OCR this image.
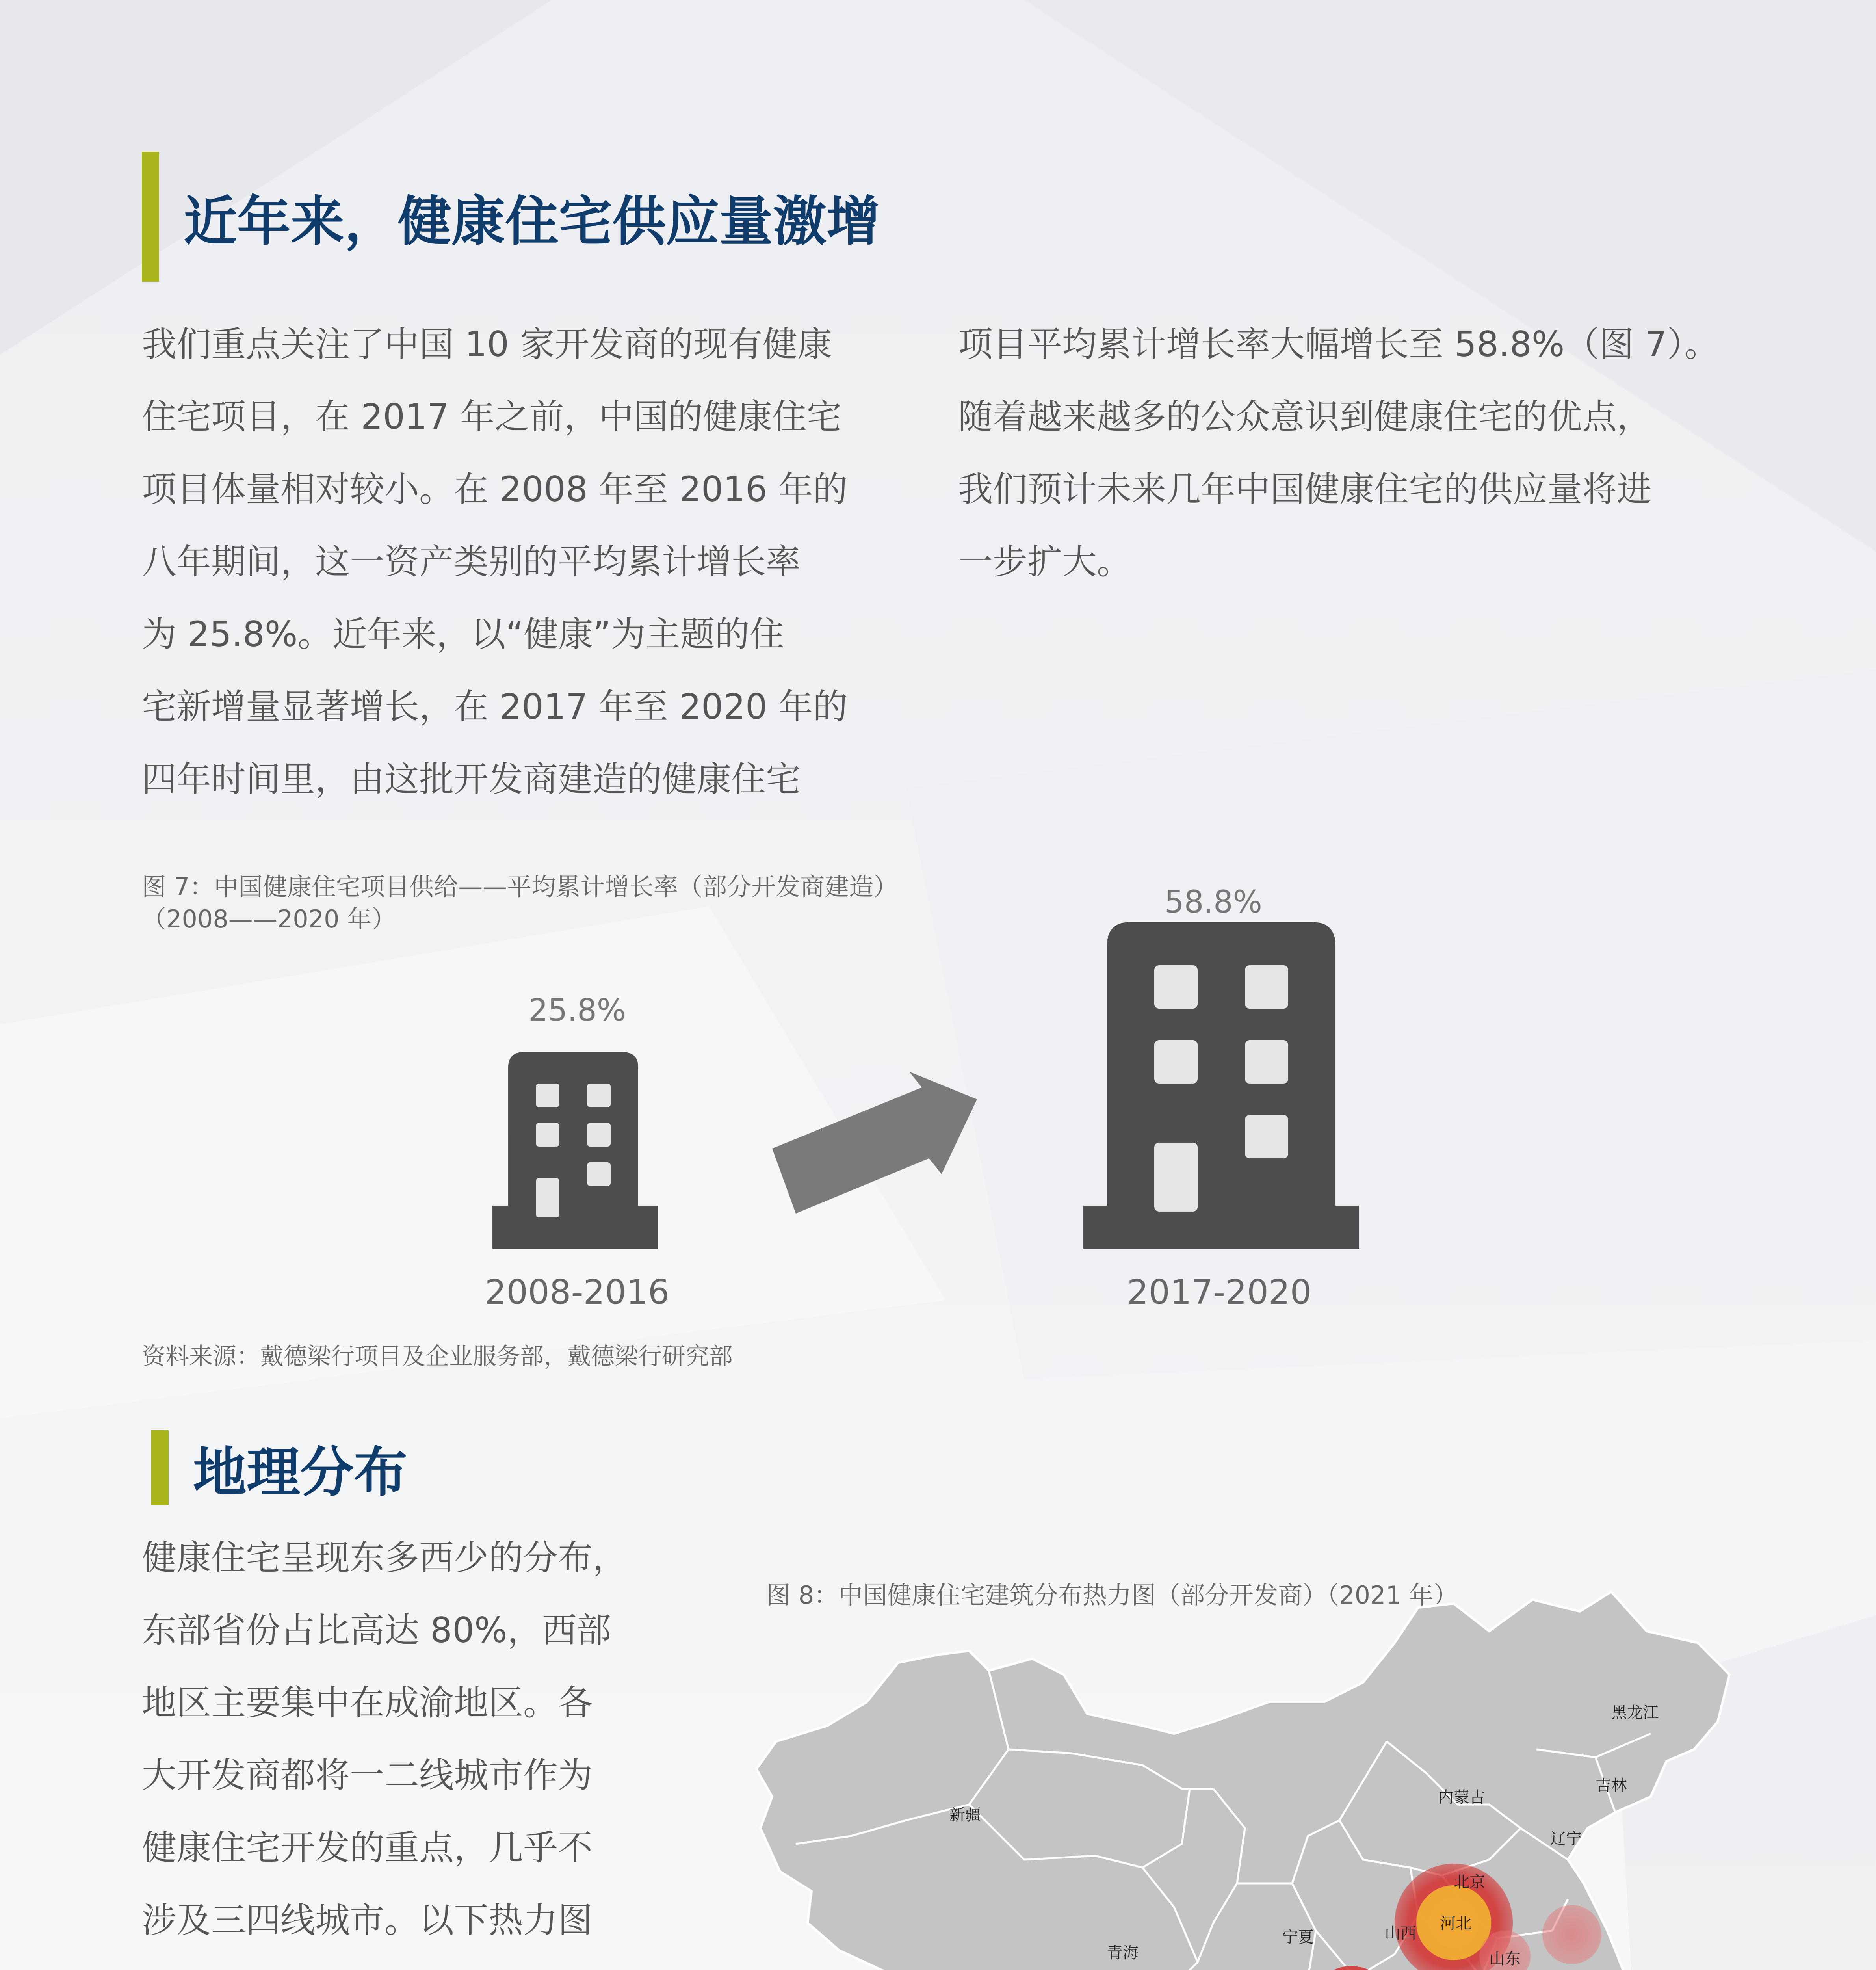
近年来，健康住宅供应量激增
我们重点关注了中国 10 家开发商的现有健康
住宅项目，在 2017 年之前，中国的健康住宅
项目体量相对较小。在 2008 年至 2016 年的
八年期间，这一资产类别的平均累计增长率
为 25.8%。近年来，以“健康”为主题的住
宅新增量显著增长，在 2017 年至 2020 年的
四年时间里，由这批开发商建造的健康住宅
项目平均累计增长率大幅增长至 58.8%（图 7）。
随着越来越多的公众意识到健康住宅的优点，
我们预计未来几年中国健康住宅的供应量将进
一步扩大。
图 7：中国健康住宅项目供给——平均累计增长率（部分开发商建造）
（2008——2020 年）
25.8%
2008-2016
58.8%
2017-2020
资料来源：戴德梁行项目及企业服务部，戴德梁行研究部
地理分布
健康住宅呈现东多西少的分布，
东部省份占比高达 80%，西部
地区主要集中在成渝地区。各
大开发商都将一二线城市作为
健康住宅开发的重点，几乎不
涉及三四线城市。以下热力图
图 8：中国健康住宅建筑分布热力图（部分开发商）（2021 年）
黑龙江
吉林
辽宁
内蒙古
北京
河北
山西
山东
宁夏
青海
新疆
